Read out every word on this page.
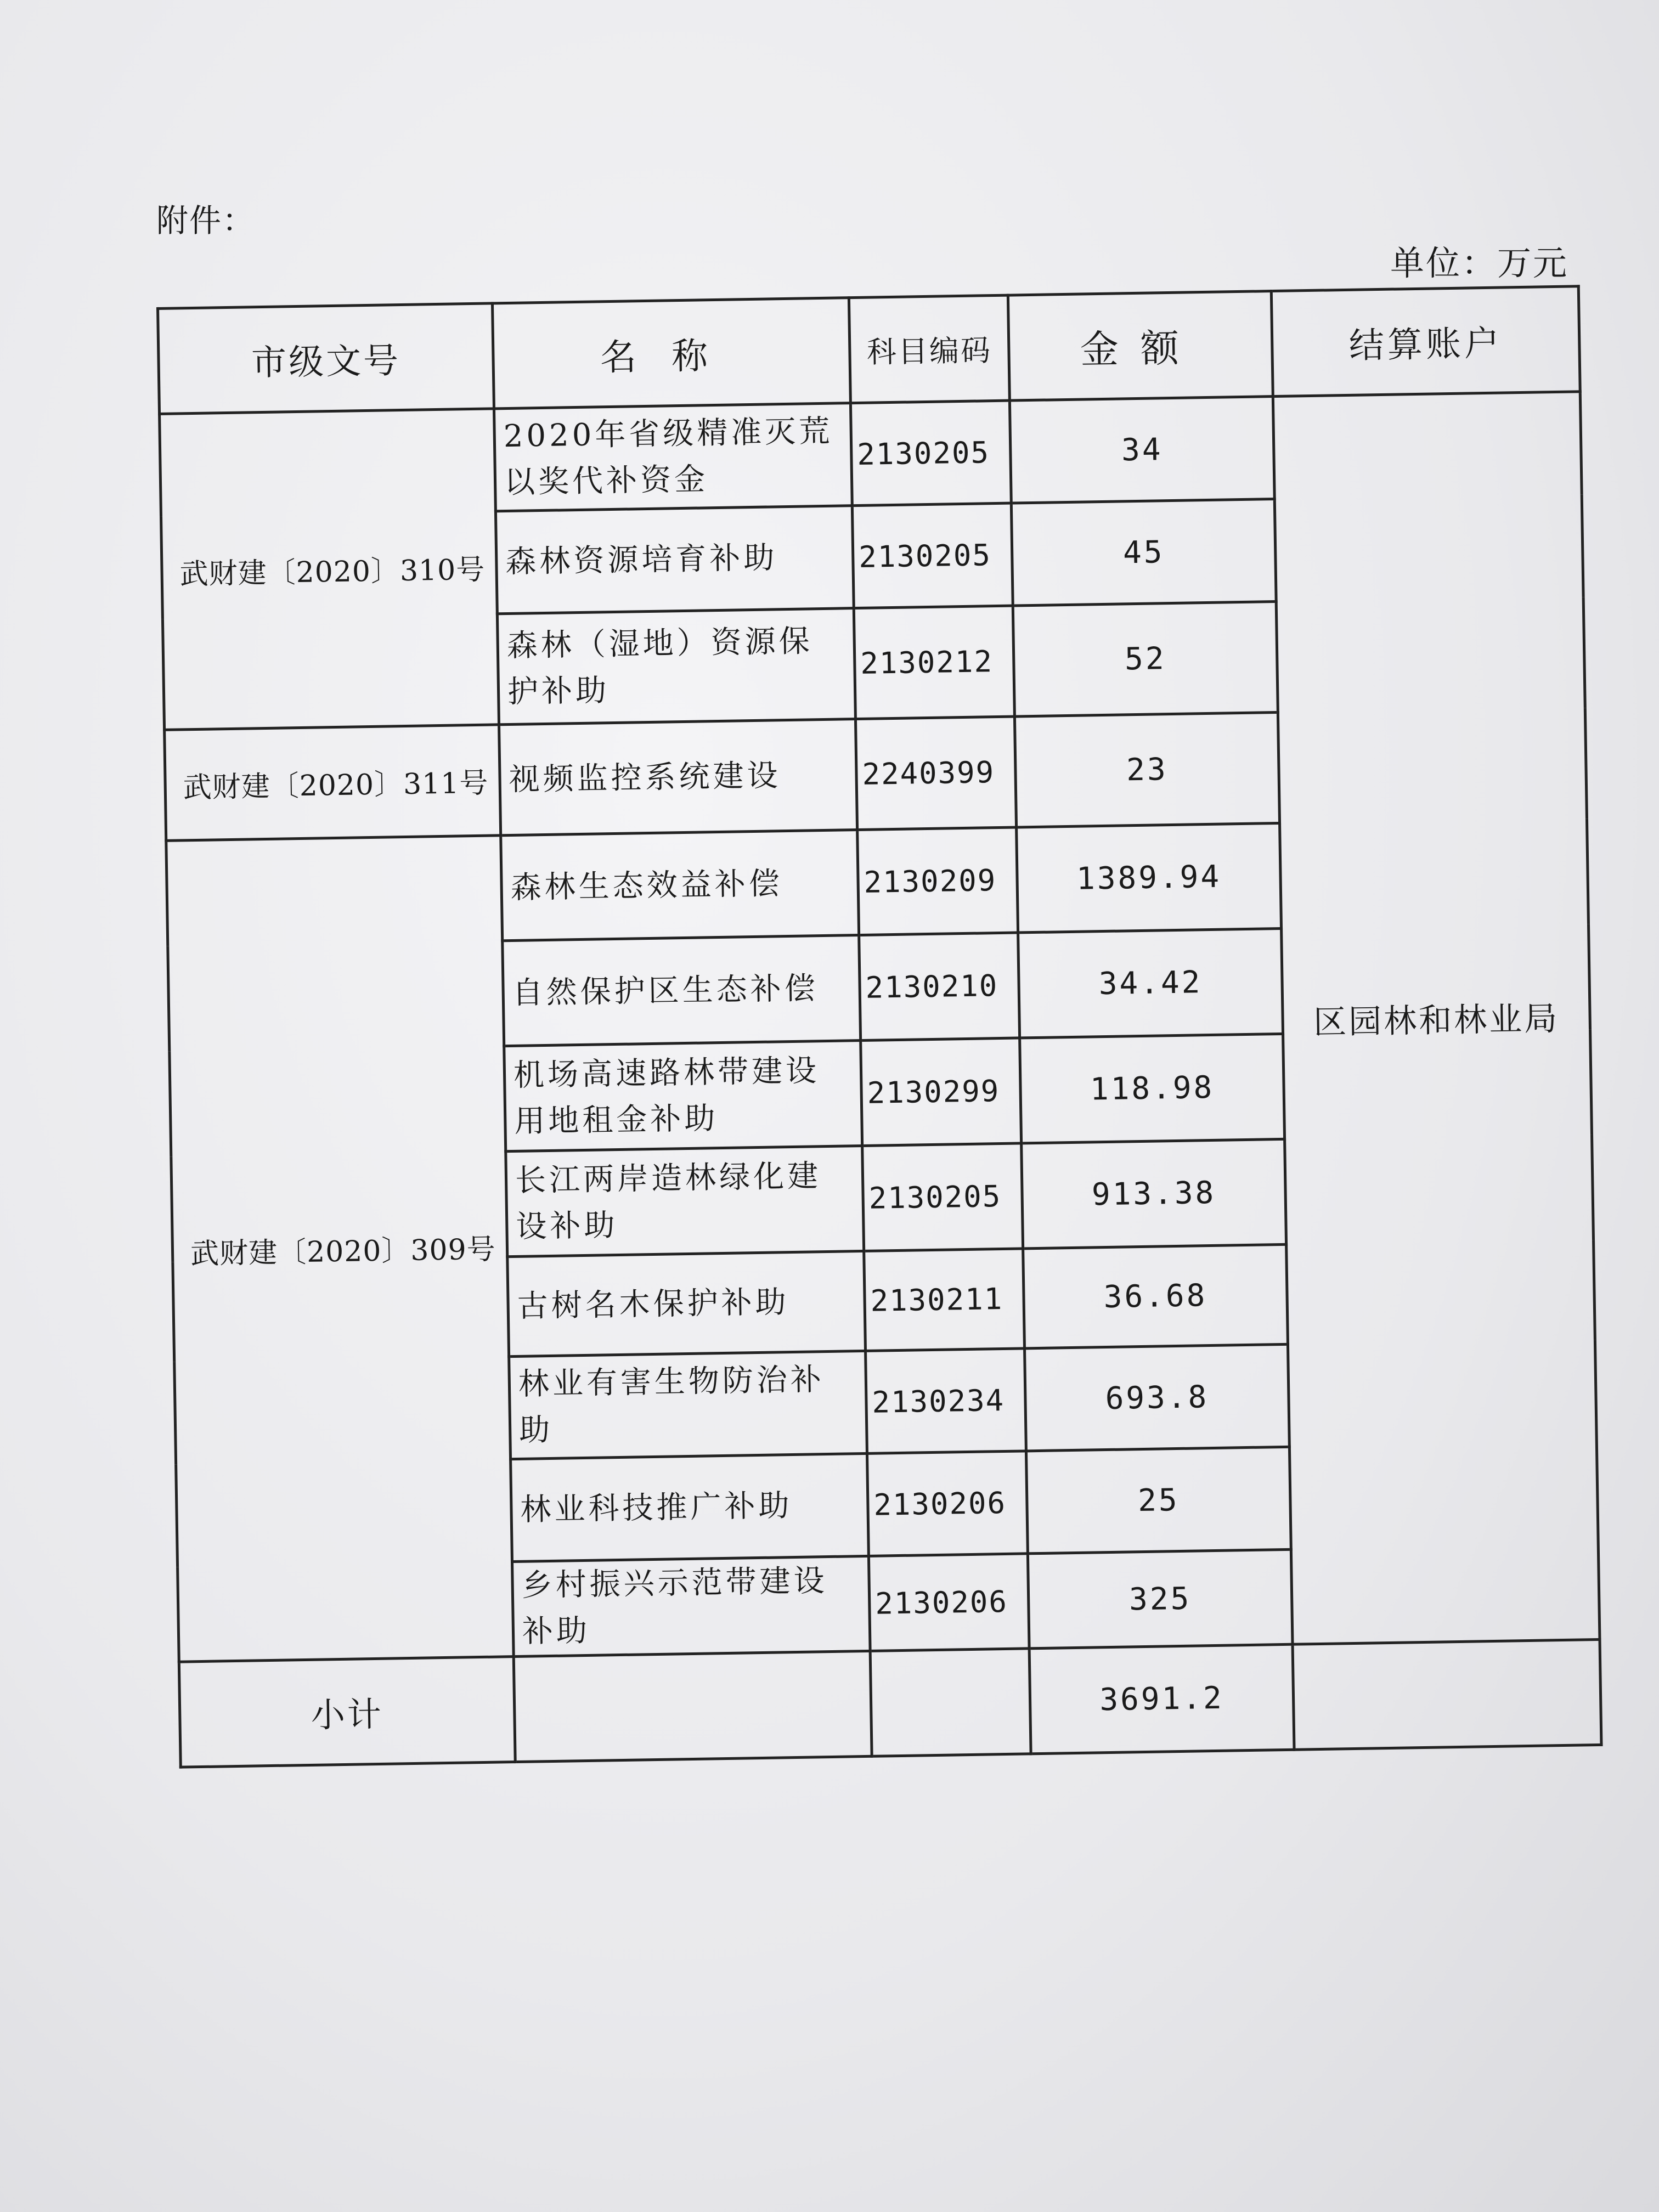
附件：
单位：万元
市级文号	名称	科目编码	金额	结算账户
武财建〔2020〕310号	2020年省级精准灭荒以奖代补资金	2130205	34	区园林和林业局
	森林资源培育补助	2130205	45	
	森林（湿地）资源保护补助	2130212	52	
武财建〔2020〕311号	视频监控系统建设	2240399	23	
武财建〔2020〕309号	森林生态效益补偿	2130209	1389.94	
	自然保护区生态补偿	2130210	34.42	
	机场高速路林带建设用地租金补助	2130299	118.98	
	长江两岸造林绿化建设补助	2130205	913.38	
	古树名木保护补助	2130211	36.68	
	林业有害生物防治补助	2130234	693.8	
	林业科技推广补助	2130206	25	
	乡村振兴示范带建设补助	2130206	325	
小计			3691.2	
